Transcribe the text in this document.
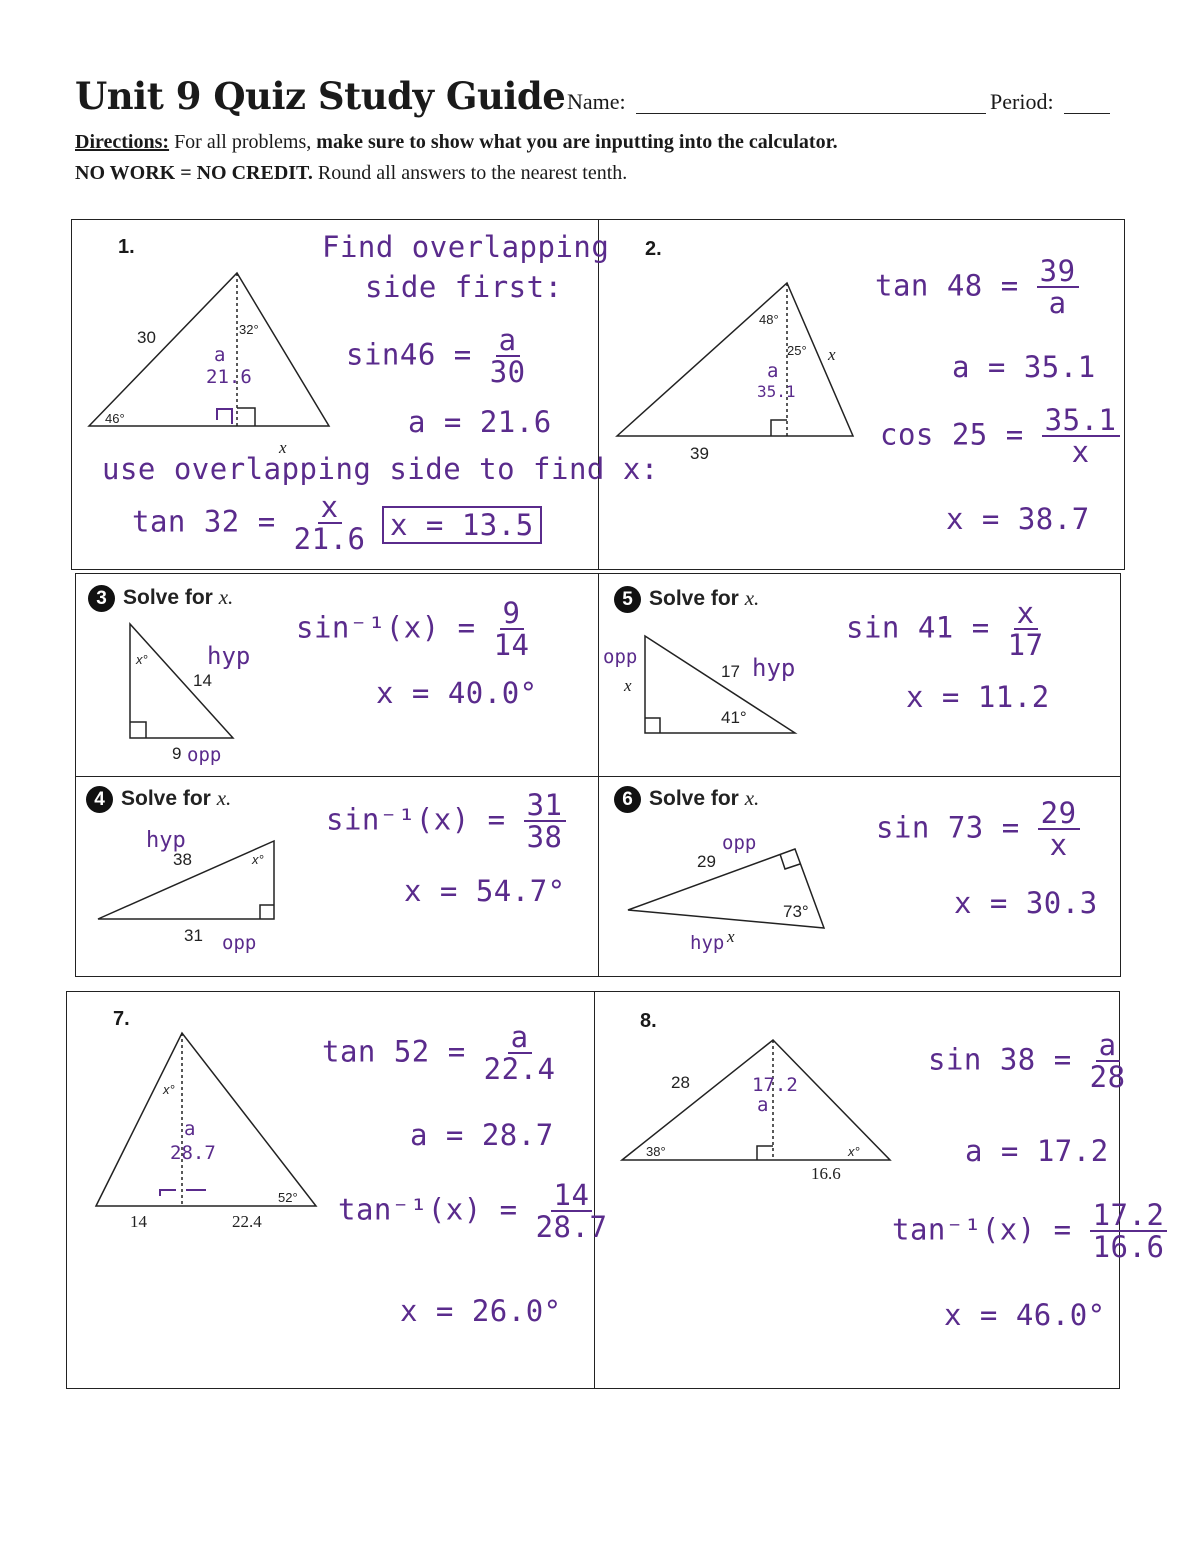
Unit 9 Quiz Study Guide Name:	Period:
Directions: For all problems, make sure to show what you are inputting into the calculator.
NO WORK = NO CREDIT. Round all answers to the nearest tenth.
1.
30
46°
32°
x
a
21.6
Find overlapping
side first:
$\sin 46 = \frac{a}{30}$
a = 21.6
use overlapping side to find x:
$\tan 32 = \frac{x}{21.6}$ x = 13.5
2.
39
48°
25° x
a
35.1
$\tan 48 = \frac{39}{a}$
a = 35.1
$\cos 25 = \frac{35.1}{x}$
x = 38.7
3 Solve for x.
x°
14
9
hyp
opp
$\sin^{-1}(x) = \frac{9}{14}$
x = 40.0°
4 Solve for x.
hyp
38	x°
31 opp
$\sin^{-1}(x) = \frac{31}{38}$
x = 54.7°
5 Solve for x.
opp
x
17 hyp
41°
$\sin 41 = \frac{x}{17}$
x = 11.2
6 Solve for x.
29
opp
73°
hyp x
$\sin 73 = \frac{29}{x}$
x = 30.3
7.
x°
a
28.7
52°
14	22.4
$\tan 52 = \frac{a}{22.4}$
a = 28.7
$\tan^{-1}(x) = \frac{14}{28.7}$
x = 26.0°
8.
28
38°	x°
16.6
17.2
a
$\sin 38 = \frac{a}{28}$
a = 17.2
$\tan^{-1}(x) = \frac{17.2}{16.6}$
x = 46.0°
